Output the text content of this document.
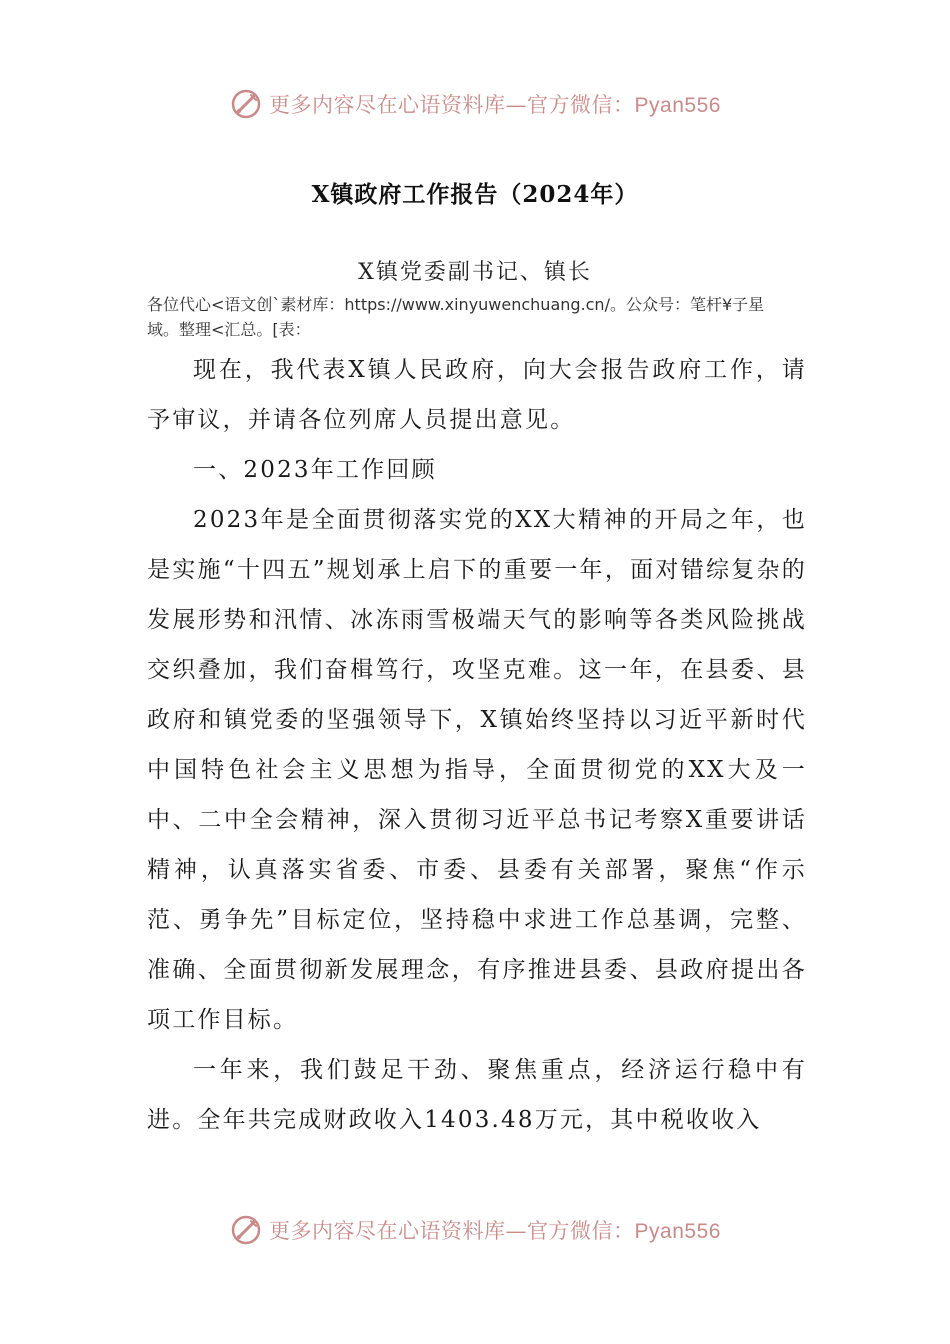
更多内容尽在心语资料库—官方微信：Pyan556
X镇政府工作报告（2024年）
X镇党委副书记、镇长
各位代心<语文创`素材库：https://www.xinyuwenchuang.cn/。公众号：笔杆¥子星域。整理<汇总。[表：

现在，我代表X镇人民政府，向大会报告政府工作，请予审议，并请各位列席人员提出意见。

一、2023年工作回顾

2023年是全面贯彻落实党的XX大精神的开局之年，也是实施“十四五”规划承上启下的重要一年，面对错综复杂的发展形势和汛情、冰冻雨雪极端天气的影响等各类风险挑战交织叠加，我们奋楫笃行，攻坚克难。这一年，在县委、县政府和镇党委的坚强领导下，X镇始终坚持以习近平新时代中国特色社会主义思想为指导，全面贯彻党的XX大及一中、二中全会精神，深入贯彻习近平总书记考察X重要讲话精神，认真落实省委、市委、县委有关部署，聚焦“作示范、勇争先”目标定位，坚持稳中求进工作总基调，完整、准确、全面贯彻新发展理念，有序推进县委、县政府提出各项工作目标。

一年来，我们鼓足干劲、聚焦重点，经济运行稳中有进。全年共完成财政收入1403.48万元，其中税收收入

更多内容尽在心语资料库—官方微信：Pyan556
